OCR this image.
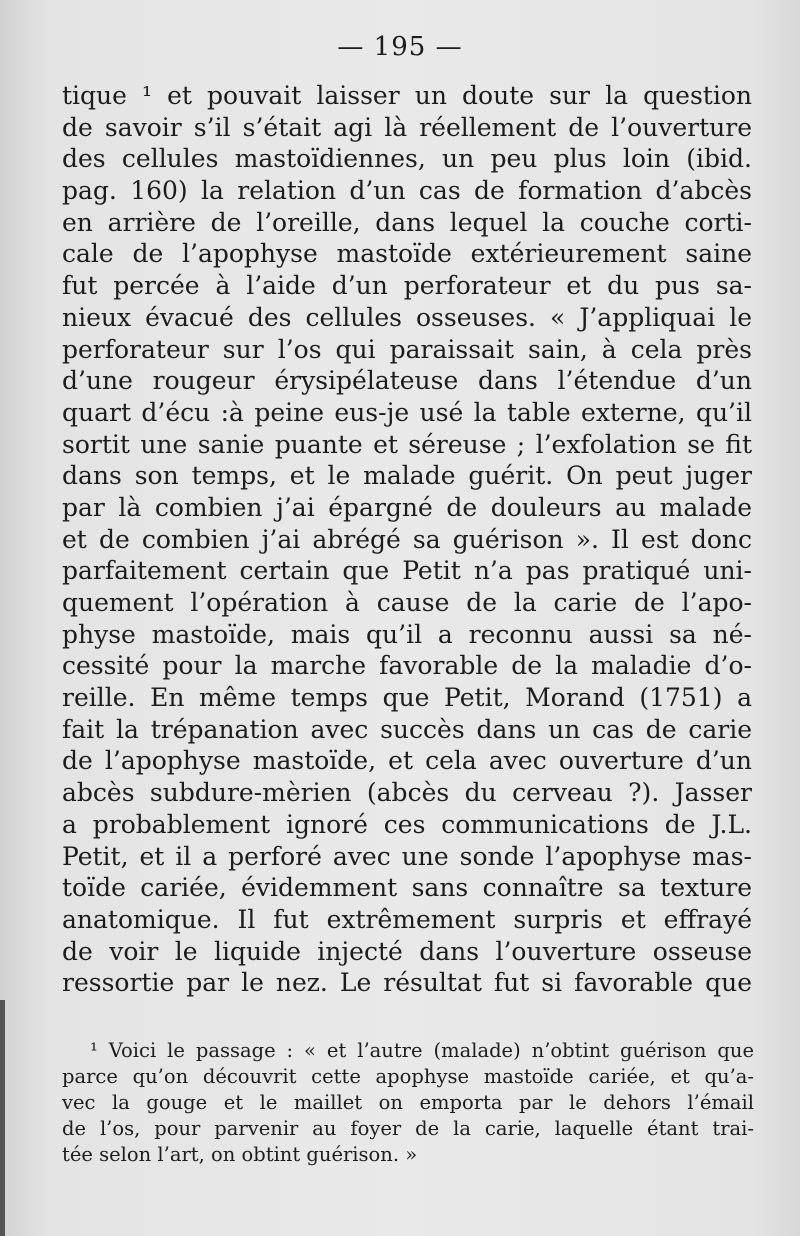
— 195 —
tique ¹ et pouvait laisser un doute sur la question
de savoir s’il s’était agi là réellement de l’ouverture
des cellules mastoïdiennes, un peu plus loin (ibid.
pag. 160) la relation d’un cas de formation d’abcès
en arrière de l’oreille, dans lequel la couche corti-
cale de l’apophyse mastoïde extérieurement saine
fut percée à l’aide d’un perforateur et du pus sa-
nieux évacué des cellules osseuses. « J’appliquai le
perforateur sur l’os qui paraissait sain, à cela près
d’une rougeur érysipélateuse dans l’étendue d’un
quart d’écu :à peine eus-je usé la table externe, qu’il
sortit une sanie puante et séreuse ; l’exfolation se fit
dans son temps, et le malade guérit. On peut juger
par là combien j’ai épargné de douleurs au malade
et de combien j’ai abrégé sa guérison ». Il est donc
parfaitement certain que Petit n’a pas pratiqué uni-
quement l’opération à cause de la carie de l’apo-
physe mastoïde, mais qu’il a reconnu aussi sa né-
cessité pour la marche favorable de la maladie d’o-
reille. En même temps que Petit, Morand (1751) a
fait la trépanation avec succès dans un cas de carie
de l’apophyse mastoïde, et cela avec ouverture d’un
abcès subdure-mèrien (abcès du cerveau ?). Jasser
a probablement ignoré ces communications de J.L.
Petit, et il a perforé avec une sonde l’apophyse mas-
toïde cariée, évidemment sans connaître sa texture
anatomique. Il fut extrêmement surpris et effrayé
de voir le liquide injecté dans l’ouverture osseuse
ressortie par le nez. Le résultat fut si favorable que
¹ Voici le passage : « et l’autre (malade) n’obtint guérison que
parce qu’on découvrit cette apophyse mastoïde cariée, et qu’a-
vec la gouge et le maillet on emporta par le dehors l’émail
de l’os, pour parvenir au foyer de la carie, laquelle étant trai-
tée selon l’art, on obtint guérison. »
